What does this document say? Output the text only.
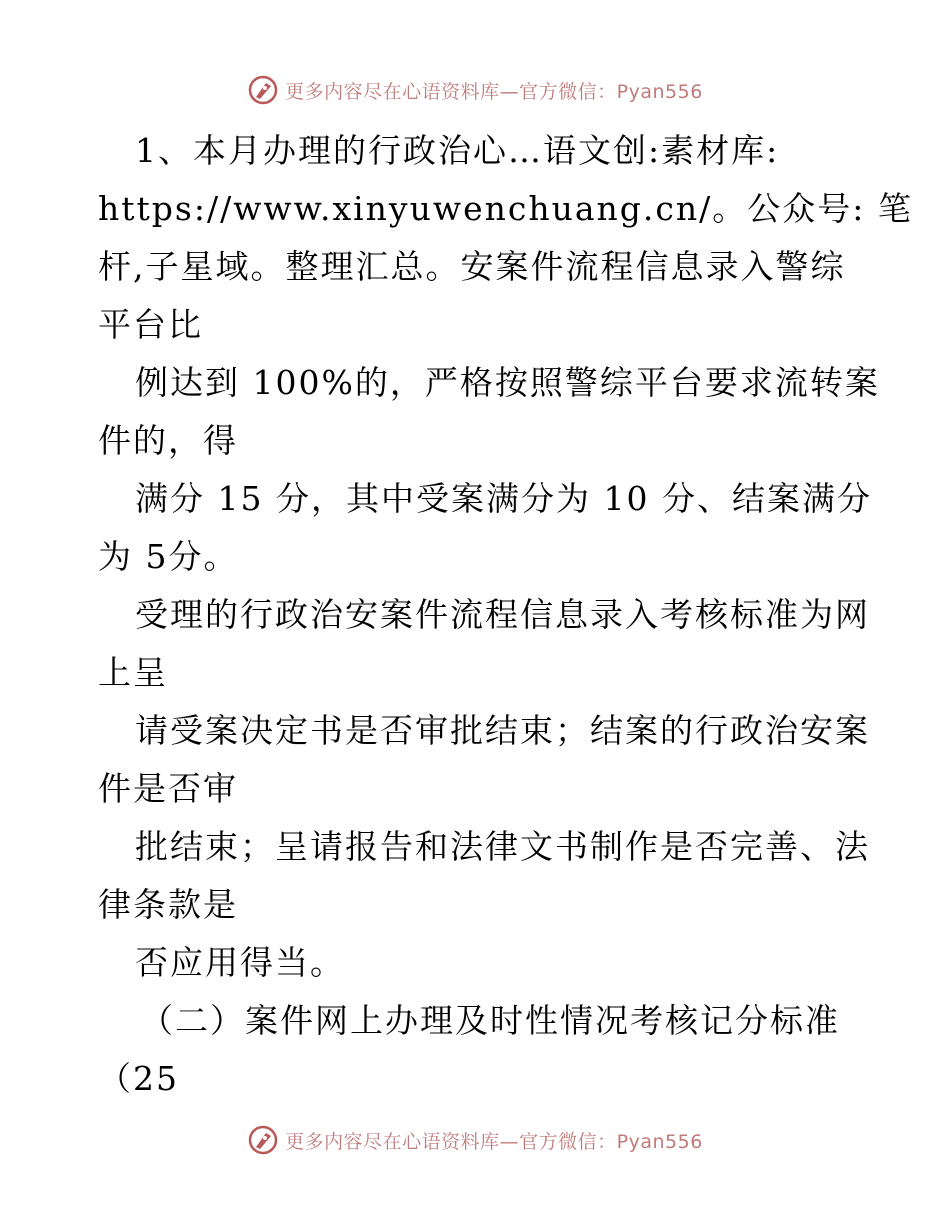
更多内容尽在心语资料库—官方微信：Pyan556
1、本月办理的行政治心…语文创:素材库:
https://www.xinyuwenchuang.cn/。公众号: 笔
杆,子星域。整理汇总。安案件流程信息录入警综
平台比
例达到 100%的，严格按照警综平台要求流转案
件的，得
满分 15 分，其中受案满分为 10 分、结案满分
为 5分。
受理的行政治安案件流程信息录入考核标准为网
上呈
请受案决定书是否审批结束；结案的行政治安案
件是否审
批结束；呈请报告和法律文书制作是否完善、法
律条款是
否应用得当。
（二）案件网上办理及时性情况考核记分标准
（25
更多内容尽在心语资料库—官方微信：Pyan556
